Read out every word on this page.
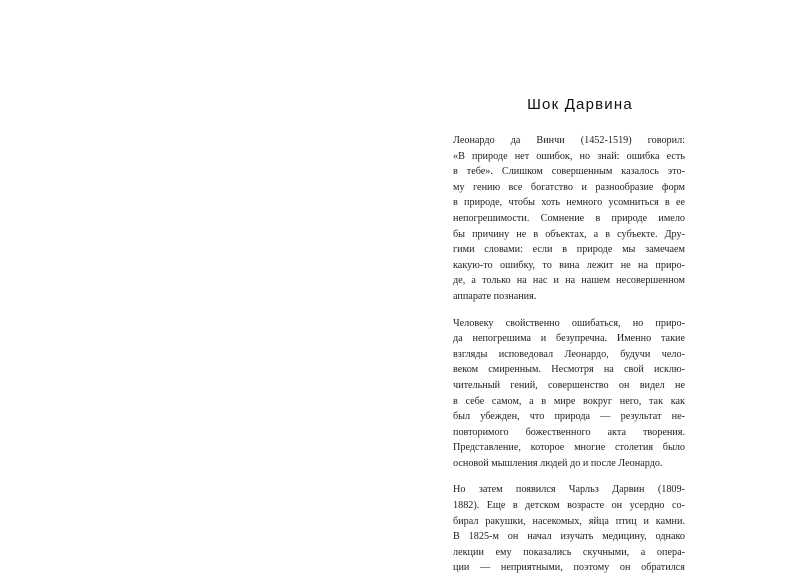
Шок Дарвина
Леонардо да Винчи (1452-1519) говорил:
«В природе нет ошибок, но знай: ошибка есть
в тебе». Слишком совершенным казалось это-
му гению все богатство и разнообразие форм
в природе, чтобы хоть немного усомниться в ее
непогрешимости. Сомнение в природе имело
бы причину не в объектах, а в субъекте. Дру-
гими словами: если в природе мы замечаем
какую-то ошибку, то вина лежит не на приро-
де, а только на нас и на нашем несовершенном
аппарате познания.
Человеку свойственно ошибаться, но приро-
да непогрешима и безупречна. Именно такие
взгляды исповедовал Леонардо, будучи чело-
веком смиренным. Несмотря на свой исклю-
чительный гений, совершенство он видел не
в себе самом, а в мире вокруг него, так как
был убежден, что природа — результат не-
повторимого божественного акта творения.
Представление, которое многие столетия было
основой мышления людей до и после Леонардо.
Но затем появился Чарльз Дарвин (1809-
1882). Еще в детском возрасте он усердно со-
бирал ракушки, насекомых, яйца птиц и камни.
В 1825-м он начал изучать медицину, однако
лекции ему показались скучными, а опера-
ции — неприятными, поэтому он обратился
